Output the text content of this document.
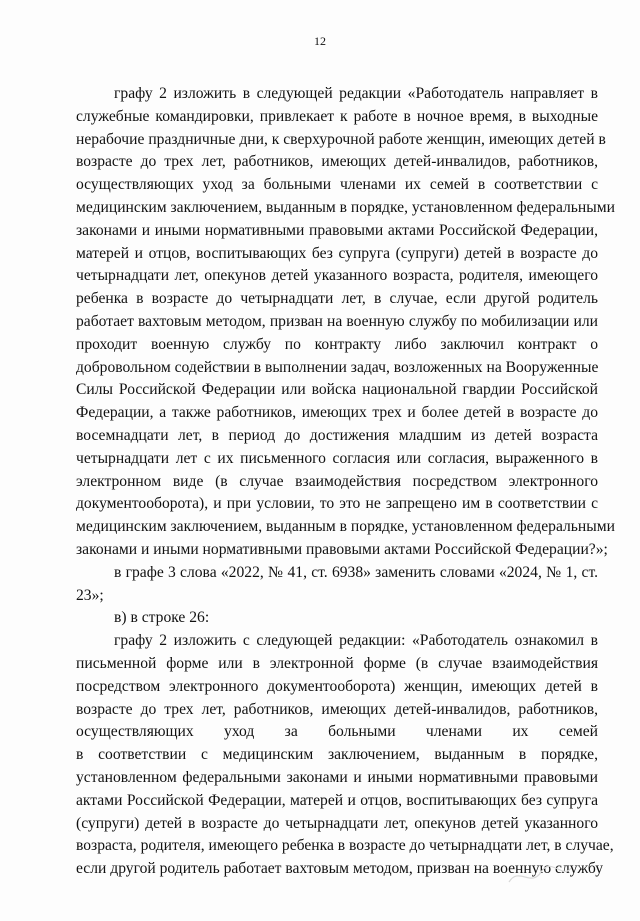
12
графу 2 изложить в следующей редакции «Работодатель направляет в
служебные командировки, привлекает к работе в ночное время, в выходные
нерабочие праздничные дни, к сверхурочной работе женщин, имеющих детей в
возрасте до трех лет, работников, имеющих детей-инвалидов, работников,
осуществляющих уход за больными членами их семей в соответствии с
медицинским заключением, выданным в порядке, установленном федеральными
законами и иными нормативными правовыми актами Российской Федерации,
матерей и отцов, воспитывающих без супруга (супруги) детей в возрасте до
четырнадцати лет, опекунов детей указанного возраста, родителя, имеющего
ребенка в возрасте до четырнадцати лет, в случае, если другой родитель
работает вахтовым методом, призван на военную службу по мобилизации или
проходит военную службу по контракту либо заключил контракт о
добровольном содействии в выполнении задач, возложенных на Вооруженные
Силы Российской Федерации или войска национальной гвардии Российской
Федерации, а также работников, имеющих трех и более детей в возрасте до
восемнадцати лет, в период до достижения младшим из детей возраста
четырнадцати лет с их письменного согласия или согласия, выраженного в
электронном виде (в случае взаимодействия посредством электронного
документооборота), и при условии, то это не запрещено им в соответствии с
медицинским заключением, выданным в порядке, установленном федеральными
законами и иными нормативными правовыми актами Российской Федерации?»;
в графе 3 слова «2022, № 41, ст. 6938» заменить словами «2024, № 1, ст.
23»;
в) в строке 26:
графу 2 изложить с следующей редакции: «Работодатель ознакомил в
письменной форме или в электронной форме (в случае взаимодействия
посредством электронного документооборота) женщин, имеющих детей в
возрасте до трех лет, работников, имеющих детей-инвалидов, работников,
осуществляющих уход за больными членами их семей
в соответствии с медицинским заключением, выданным в порядке,
установленном федеральными законами и иными нормативными правовыми
актами Российской Федерации, матерей и отцов, воспитывающих без супруга
(супруги) детей в возрасте до четырнадцати лет, опекунов детей указанного
возраста, родителя, имеющего ребенка в возрасте до четырнадцати лет, в случае,
если другой родитель работает вахтовым методом, призван на военную службу
